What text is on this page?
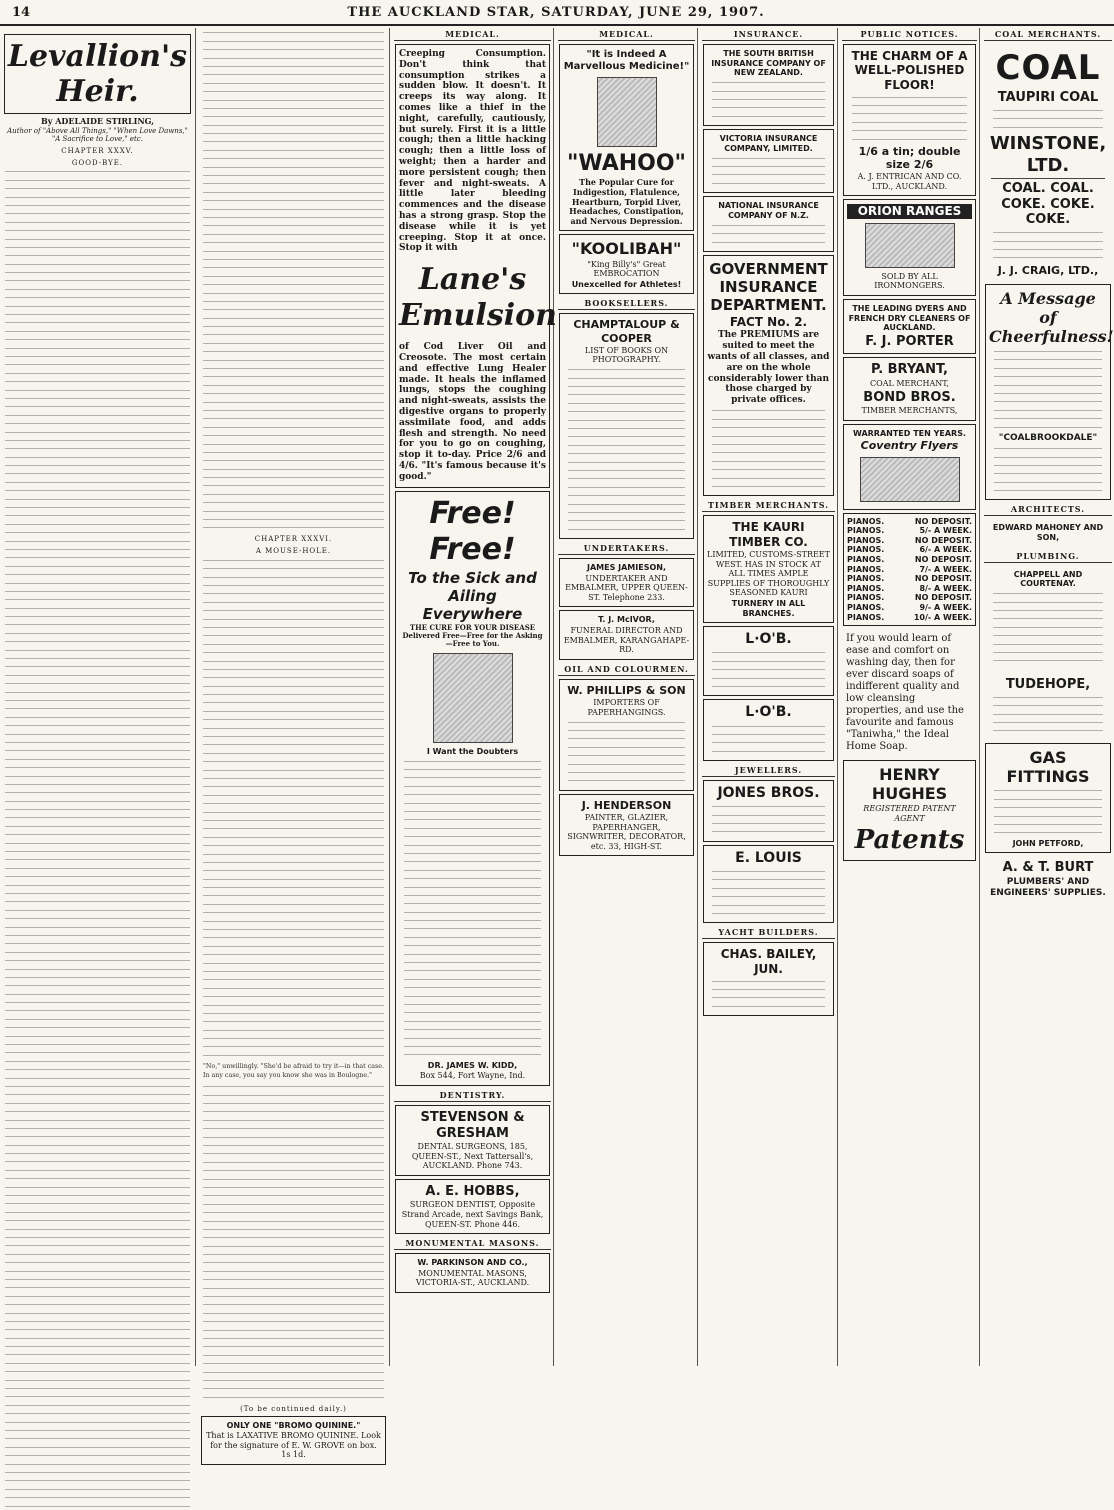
14	THE AUCKLAND STAR, SATURDAY, JUNE 29, 1907.
Levallion's Heir.
By ADELAIDE STIRLING,
Author of "Above All Things," "When Love Dawns," "A Sacrifice to Love," etc.
CHAPTER XXXV.
GOOD-BYE.
CHAPTER XXXVI.
A MOUSE-HOLE.
"No," unwillingly. "She'd be afraid to try it—in that case. In any case, you say you know she was in Boulogne."
(To be continued daily.)

ONLY ONE "BROMO QUININE."

That is LAXATIVE BROMO QUININE. Look for the signature of E. W. GROVE on box. 1s 1d.

MEDICAL.

Creeping Consumption. Don't think that consumption strikes a sudden blow. It doesn't. It creeps its way along. It comes like a thief in the night, carefully, cautiously, but surely. First it is a little cough; then a little hacking cough; then a little loss of weight; then a harder and more persistent cough; then fever and night-sweats. A little later bleeding commences and the disease has a strong grasp. Stop the disease while it is yet creeping. Stop it at once. Stop it with

Lane's Emulsion

of Cod Liver Oil and Creosote. The most certain and effective Lung Healer made. It heals the inflamed lungs, stops the coughing and night-sweats, assists the digestive organs to properly assimilate food, and adds flesh and strength. No need for you to go on coughing, stop it to-day. Price 2/6 and 4/6. "It's famous because it's good."

Free! Free!

To the Sick and Ailing Everywhere

THE CURE FOR YOUR DISEASE Delivered Free—Free for the Asking—Free to You.

I Want the Doubters

DR. JAMES W. KIDD,

Box 544, Fort Wayne, Ind.

DENTISTRY.

STEVENSON & GRESHAM

DENTAL SURGEONS, 185, QUEEN-ST., Next Tattersall's, AUCKLAND. Phone 743.

A. E. HOBBS,

SURGEON DENTIST, Opposite Strand Arcade, next Savings Bank, QUEEN-ST. Phone 446.

MONUMENTAL MASONS.

W. PARKINSON AND CO.,

MONUMENTAL MASONS, VICTORIA-ST., AUCKLAND.

MEDICAL.

"It is Indeed A Marvellous Medicine!"

"WAHOO"

The Popular Cure for Indigestion, Flatulence, Heartburn, Torpid Liver, Headaches, Constipation, and Nervous Depression.

"KOOLIBAH"

"King Billy's" Great EMBROCATION

Unexcelled for Athletes!

BOOKSELLERS.

CHAMPTALOUP & COOPER

LIST OF BOOKS ON PHOTOGRAPHY.

UNDERTAKERS.

JAMES JAMIESON,

UNDERTAKER AND EMBALMER, UPPER QUEEN-ST. Telephone 233.

T. J. McIVOR,

FUNERAL DIRECTOR AND EMBALMER, KARANGAHAPE-RD.

OIL AND COLOURMEN.

W. PHILLIPS & SON

IMPORTERS OF PAPERHANGINGS.

J. HENDERSON

PAINTER, GLAZIER, PAPERHANGER, SIGNWRITER, DECORATOR, etc. 33, HIGH-ST.

INSURANCE.

THE SOUTH BRITISH INSURANCE COMPANY OF NEW ZEALAND.

VICTORIA INSURANCE COMPANY, LIMITED.

NATIONAL INSURANCE COMPANY OF N.Z.

GOVERNMENT INSURANCE DEPARTMENT.

FACT No. 2.

The PREMIUMS are suited to meet the wants of all classes, and are on the whole considerably lower than those charged by private offices.

TIMBER MERCHANTS.

THE KAURI TIMBER CO.

LIMITED, CUSTOMS-STREET WEST. HAS IN STOCK AT ALL TIMES AMPLE SUPPLIES OF THOROUGHLY SEASONED KAURI

TURNERY IN ALL BRANCHES.

L·O'B.

L·O'B.

JEWELLERS.

JONES BROS.

E. LOUIS

YACHT BUILDERS.

CHAS. BAILEY, JUN.

PUBLIC NOTICES.

THE CHARM OF A WELL-POLISHED FLOOR!

1/6 a tin; double size 2/6

A. J. ENTRICAN AND CO. LTD., AUCKLAND.

ORION RANGES

SOLD BY ALL IRONMONGERS.

THE LEADING DYERS AND FRENCH DRY CLEANERS OF AUCKLAND.

F. J. PORTER

P. BRYANT,

COAL MERCHANT,

BOND BROS.

TIMBER MERCHANTS,

WARRANTED TEN YEARS.

Coventry Flyers

PIANOS.	NO DEPOSIT.
PIANOS.	5/- A WEEK.
PIANOS.	NO DEPOSIT.
PIANOS.	6/- A WEEK.
PIANOS.	NO DEPOSIT.
PIANOS.	7/- A WEEK.
PIANOS.	NO DEPOSIT.
PIANOS.	8/- A WEEK.
PIANOS.	NO DEPOSIT.
PIANOS.	9/- A WEEK.
PIANOS.	10/- A WEEK.

If you would learn of ease and comfort on washing day, then for ever discard soaps of indifferent quality and low cleansing properties, and use the favourite and famous "Taniwha," the Ideal Home Soap.

HENRY HUGHES

REGISTERED PATENT AGENT

Patents

COAL MERCHANTS.

COAL

TAUPIRI COAL

WINSTONE, LTD.

COAL. COAL. COKE. COKE. COKE.

J. J. CRAIG, LTD.,

A Message of Cheerfulness!

"COALBROOKDALE"

ARCHITECTS.

EDWARD MAHONEY AND SON,

PLUMBING.

CHAPPELL AND COURTENAY.

TUDEHOPE,

GAS FITTINGS

JOHN PETFORD,

A. & T. BURT

PLUMBERS' AND ENGINEERS' SUPPLIES.
